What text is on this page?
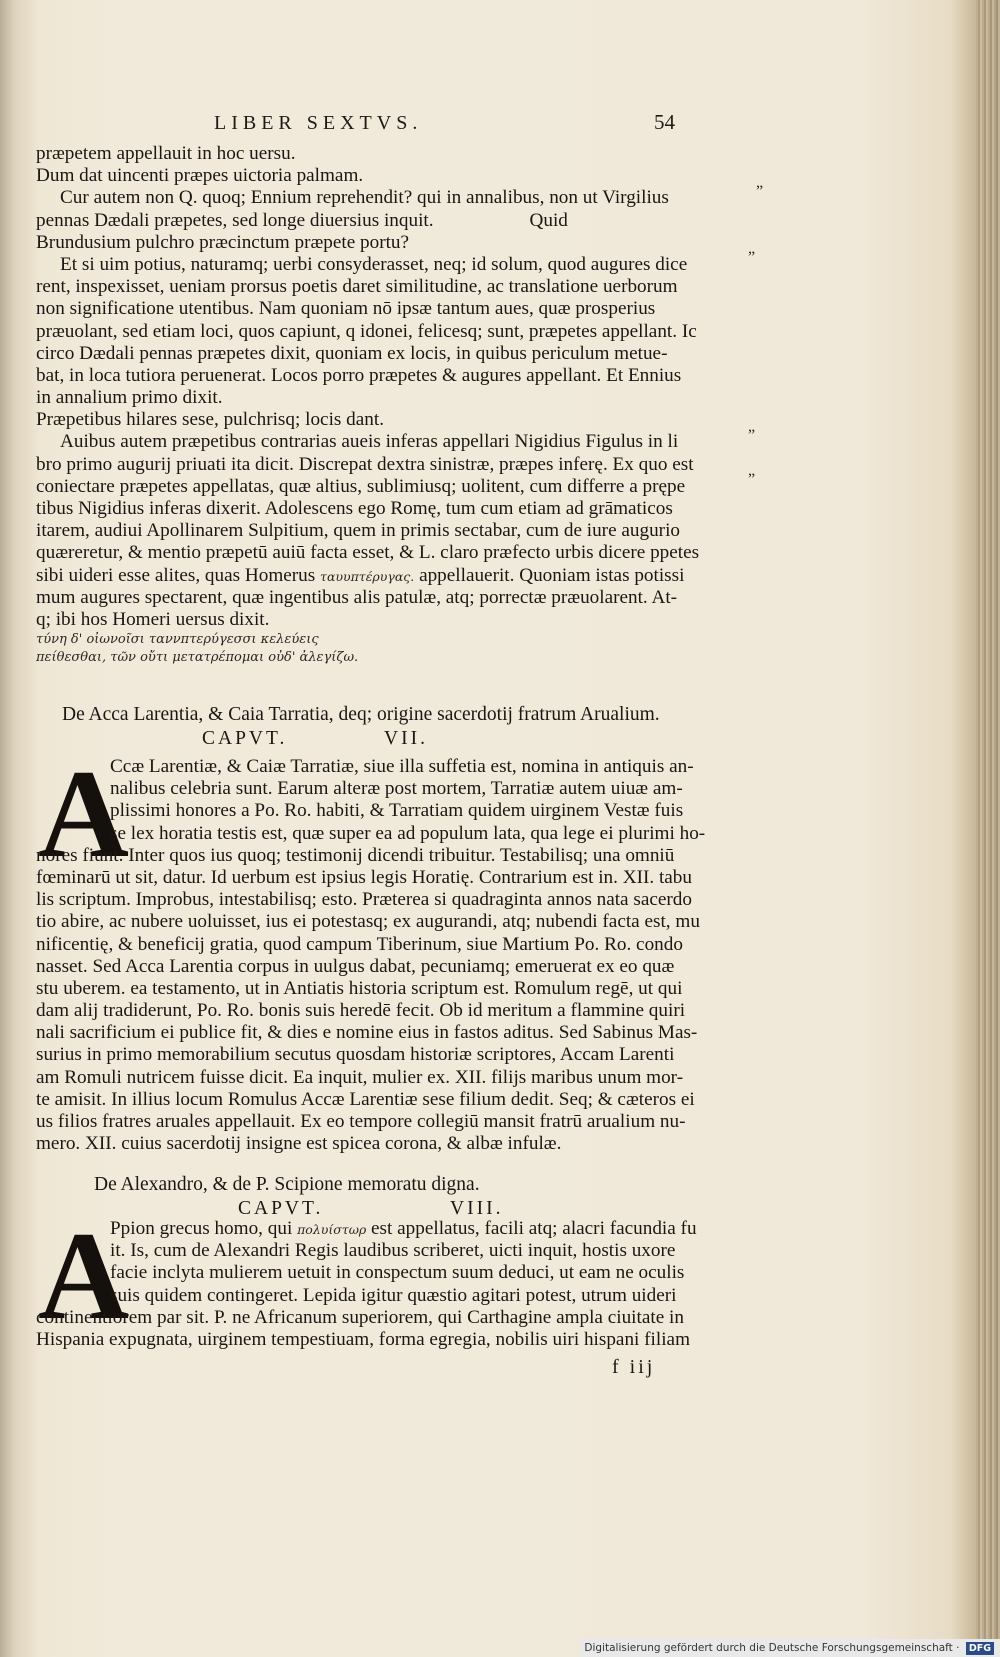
LIBER SEXTVS.	54
præpetem appellauit in hoc uersu.
Dum dat uincenti præpes uictoria palmam.
Cur autem non Q. quoq; Ennium reprehendit? qui in annalibus, non ut Virgilius
pennas Dædali præpetes, sed longe diuersius inquit.                    Quid
Brundusium pulchro præcinctum præpete portu?
Et si uim potius, naturamq; uerbi consyderasset, neq; id solum, quod augures dice
rent, inspexisset, ueniam prorsus poetis daret similitudine, ac translatione uerborum
non significatione utentibus. Nam quoniam nō ipsæ tantum aues, quæ prosperius
præuolant, sed etiam loci, quos capiunt, q idonei, felicesq; sunt, præpetes appellant. Ic
circo Dædali pennas præpetes dixit, quoniam ex locis, in quibus periculum metue-
bat, in loca tutiora peruenerat. Locos porro præpetes & augures appellant. Et Ennius
in annalium primo dixit.
Præpetibus hilares sese, pulchrisq; locis dant.
Auibus autem præpetibus contrarias aueis inferas appellari Nigidius Figulus in li
bro primo augurij priuati ita dicit. Discrepat dextra sinistræ, præpes inferę. Ex quo est
coniectare præpetes appellatas, quæ altius, sublimiusq; uolitent, cum differre a prępe
tibus Nigidius inferas dixerit. Adolescens ego Romę, tum cum etiam ad grāmaticos
itarem, audiui Apollinarem Sulpitium, quem in primis sectabar, cum de iure augurio
quæreretur, & mentio præpetū auiū facta esset, & L. claro præfecto urbis dicere ppetes
sibi uideri esse alites, quas Homerus ταυυπτέρυγας. appellauerit. Quoniam istas potissi
mum augures spectarent, quæ ingentibus alis patulæ, atq; porrectæ præuolarent. At-
q; ibi hos Homeri uersus dixit.
τύνη δ' οἰωνοῖσι ταννπτερύγεσσι κελεύεις
πείθεσθαι, τῶν οὔτι μετατρέπομαι οὐδ' ἀλεγίζω.
„
„
„
„
De Acca Larentia, & Caia Tarratia, deq; origine sacerdotij fratrum Arualium.
CAPVT.	VII.
A
Ccæ Larentiæ, & Caiæ Tarratiæ, siue illa suffetia est, nomina in antiquis an-
nalibus celebria sunt. Earum alteræ post mortem, Tarratiæ autem uiuæ am-
plissimi honores a Po. Ro. habiti, & Tarratiam quidem uirginem Vestæ fuis
se lex horatia testis est, quæ super ea ad populum lata, qua lege ei plurimi ho-
nores fiunt. Inter quos ius quoq; testimonij dicendi tribuitur. Testabilisq; una omniū
fœminarū ut sit, datur. Id uerbum est ipsius legis Horatię. Contrarium est in. XII. tabu
lis scriptum. Improbus, intestabilisq; esto. Præterea si quadraginta annos nata sacerdo
tio abire, ac nubere uoluisset, ius ei potestasq; ex augurandi, atq; nubendi facta est, mu
nificentię, & beneficij gratia, quod campum Tiberinum, siue Martium Po. Ro. condo
nasset. Sed Acca Larentia corpus in uulgus dabat, pecuniamq; emeruerat ex eo quæ
stu uberem. ea testamento, ut in Antiatis historia scriptum est. Romulum regē, ut qui
dam alij tradiderunt, Po. Ro. bonis suis heredē fecit. Ob id meritum a flammine quiri
nali sacrificium ei publice fit, & dies e nomine eius in fastos aditus. Sed Sabinus Mas-
surius in primo memorabilium secutus quosdam historiæ scriptores, Accam Larenti
am Romuli nutricem fuisse dicit. Ea inquit, mulier ex. XII. filijs maribus unum mor-
te amisit. In illius locum Romulus Accæ Larentiæ sese filium dedit. Seq; & cæteros ei
us filios fratres aruales appellauit. Ex eo tempore collegiū mansit fratrū arualium nu-
mero. XII. cuius sacerdotij insigne est spicea corona, & albæ infulæ.
De Alexandro, & de P. Scipione memoratu digna.
CAPVT.	VIII.
A
Ppion grecus homo, qui πολυίστωρ est appellatus, facili atq; alacri facundia fu
it. Is, cum de Alexandri Regis laudibus scriberet, uicti inquit, hostis uxore
facie inclyta mulierem uetuit in conspectum suum deduci, ut eam ne oculis
suis quidem contingeret. Lepida igitur quæstio agitari potest, utrum uideri
continentiorem par sit. P. ne Africanum superiorem, qui Carthagine ampla ciuitate in
Hispania expugnata, uirginem tempestiuam, forma egregia, nobilis uiri hispani filiam
f iij
Digitalisierung gefördert durch die Deutsche Forschungsgemeinschaft · DFG
